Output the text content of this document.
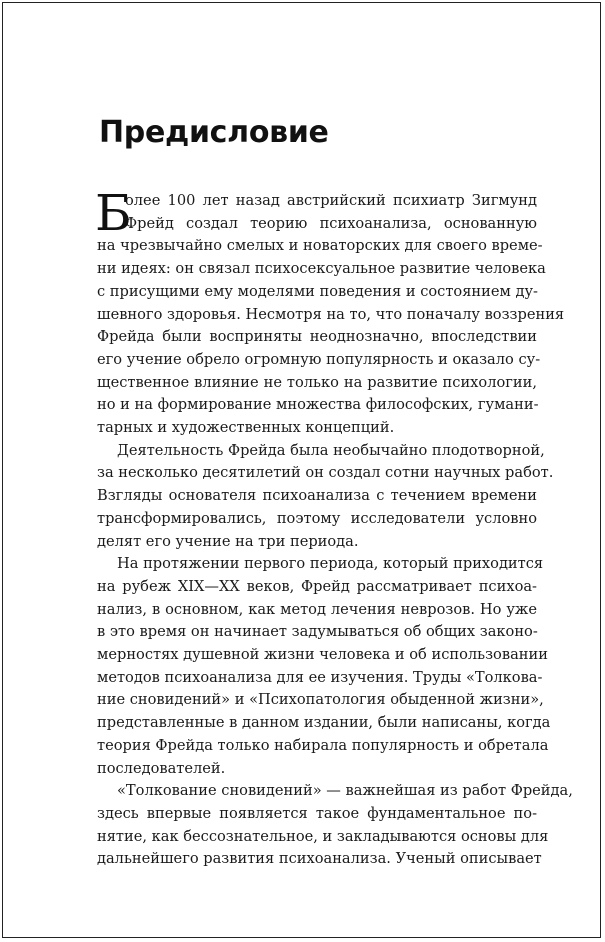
Предисловие
Б
олее 100 лет назад австрийский психиатр Зигмунд
Фрейд создал теорию психоанализа, основанную
на чрезвычайно смелых и новаторских для своего време-
ни идеях: он связал психосексуальное развитие человека
с присущими ему моделями поведения и состоянием ду-
шевного здоровья. Несмотря на то, что поначалу воззрения
Фрейда были восприняты неоднозначно, впоследствии
его учение обрело огромную популярность и оказало су-
щественное влияние не только на развитие психологии,
но и на формирование множества философских, гумани-
тарных и художественных концепций.
Деятельность Фрейда была необычайно плодотворной,
за несколько десятилетий он создал сотни научных работ.
Взгляды основателя психоанализа с течением времени
трансформировались, поэтому исследователи условно
делят его учение на три периода.
На протяжении первого периода, который приходится
на рубеж XIX—XX веков, Фрейд рассматривает психоа-
нализ, в основном, как метод лечения неврозов. Но уже
в это время он начинает задумываться об общих законо-
мерностях душевной жизни человека и об использовании
методов психоанализа для ее изучения. Труды «Толкова-
ние сновидений» и «Психопатология обыденной жизни»,
представленные в данном издании, были написаны, когда
теория Фрейда только набирала популярность и обретала
последователей.
«Толкование сновидений» — важнейшая из работ Фрейда,
здесь впервые появляется такое фундаментальное по-
нятие, как бессознательное, и закладываются основы для
дальнейшего развития психоанализа. Ученый описывает
